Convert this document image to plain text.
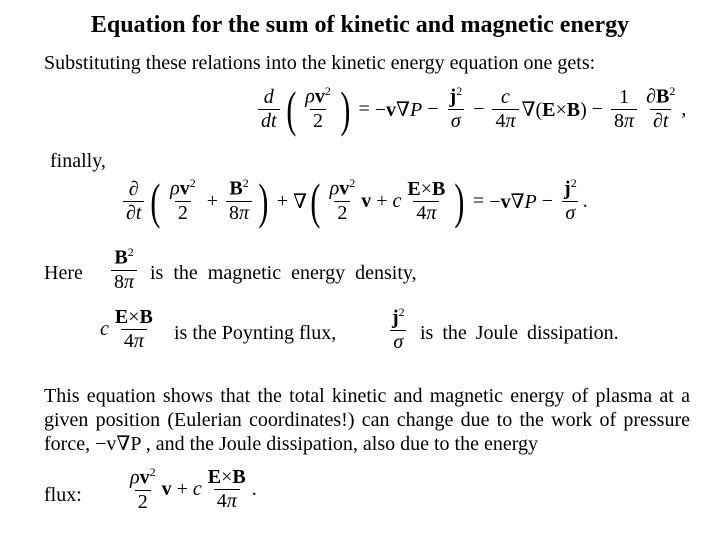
Equation for the sum of kinetic and magnetic energy
Substituting these relations into the kinetic energy equation one gets:
$\frac{d}{dt}$ ( $\frac{\rho v^2}{2}$ ) = $-v\nabla P - \frac{j^2}{\sigma} - \frac{c}{4\pi} \nabla(E\times B) - \frac{1}{8\pi} \frac{\partial B^2}{\partial t}$ ,
finally,
$\frac{\partial}{\partial t}$ ( $\frac{\rho v^2}{2} + \frac{B^2}{8\pi}$ ) + ∇ ( $\frac{\rho v^2}{2}$ v + c $\frac{E\times B}{4\pi}$ ) = $-v\nabla P - \frac{j^2}{\sigma}$ .
Here $\frac{B^2}{8\pi}$ is the magnetic energy density,
c $\frac{E\times B}{4\pi}$ is the Poynting flux,	$\frac{j^2}{\sigma}$ is the Joule dissipation.
This equation shows that the total kinetic and magnetic energy of plasma at a given position (Eulerian coordinates!) can change due to the work of pressure force, −v∇P , and the Joule dissipation, also due to the energy
flux: $\frac{\rho v^2}{2}$ v + c $\frac{E\times B}{4\pi}$ .
